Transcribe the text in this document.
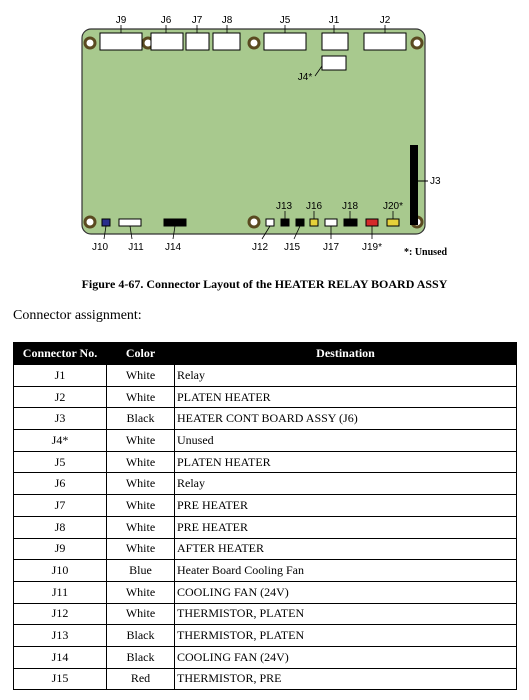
J9	J6 J7 J8	J5	J1	J2
J4*
J3
J13 J16 J18 J20*
J10 J11 J14	J12 J15 J17 J19* *: Unused
Figure 4-67. Connector Layout of the HEATER RELAY BOARD ASSY
Connector assignment:
Connector No.	Color	Destination
J1	White	Relay
J2	White	PLATEN HEATER
J3	Black	HEATER CONT BOARD ASSY (J6)
J4*	White	Unused
J5	White	PLATEN HEATER
J6	White	Relay
J7	White	PRE HEATER
J8	White	PRE HEATER
J9	White	AFTER HEATER
J10	Blue	Heater Board Cooling Fan
J11	White	COOLING FAN (24V)
J12	White	THERMISTOR, PLATEN
J13	Black	THERMISTOR, PLATEN
J14	Black	COOLING FAN (24V)
J15	Red	THERMISTOR, PRE
